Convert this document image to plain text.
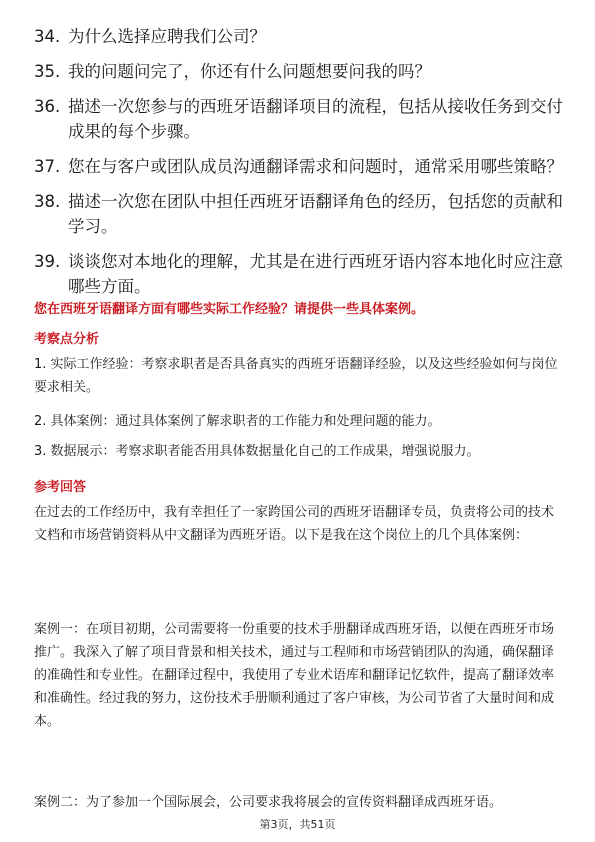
34. 为什么选择应聘我们公司？
35. 我的问题问完了，你还有什么问题想要问我的吗？
36. 描述一次您参与的西班牙语翻译项目的流程，包括从接收任务到交付成果的每个步骤。
37. 您在与客户或团队成员沟通翻译需求和问题时，通常采用哪些策略？
38. 描述一次您在团队中担任西班牙语翻译角色的经历，包括您的贡献和学习。
39. 谈谈您对本地化的理解，尤其是在进行西班牙语内容本地化时应注意哪些方面。
您在西班牙语翻译方面有哪些实际工作经验？请提供一些具体案例。
考察点分析

1. 实际工作经验：考察求职者是否具备真实的西班牙语翻译经验，以及这些经验如何与岗位要求相关。

2. 具体案例：通过具体案例了解求职者的工作能力和处理问题的能力。

3. 数据展示：考察求职者能否用具体数据量化自己的工作成果，增强说服力。

参考回答

在过去的工作经历中，我有幸担任了一家跨国公司的西班牙语翻译专员，负责将公司的技术文档和市场营销资料从中文翻译为西班牙语。以下是我在这个岗位上的几个具体案例：

案例一：在项目初期，公司需要将一份重要的技术手册翻译成西班牙语，以便在西班牙市场推广。我深入了解了项目背景和相关技术，通过与工程师和市场营销团队的沟通，确保翻译的准确性和专业性。在翻译过程中，我使用了专业术语库和翻译记忆软件，提高了翻译效率和准确性。经过我的努力，这份技术手册顺利通过了客户审核，为公司节省了大量时间和成本。

案例二：为了参加一个国际展会，公司要求我将展会的宣传资料翻译成西班牙语。

第3页，共51页
